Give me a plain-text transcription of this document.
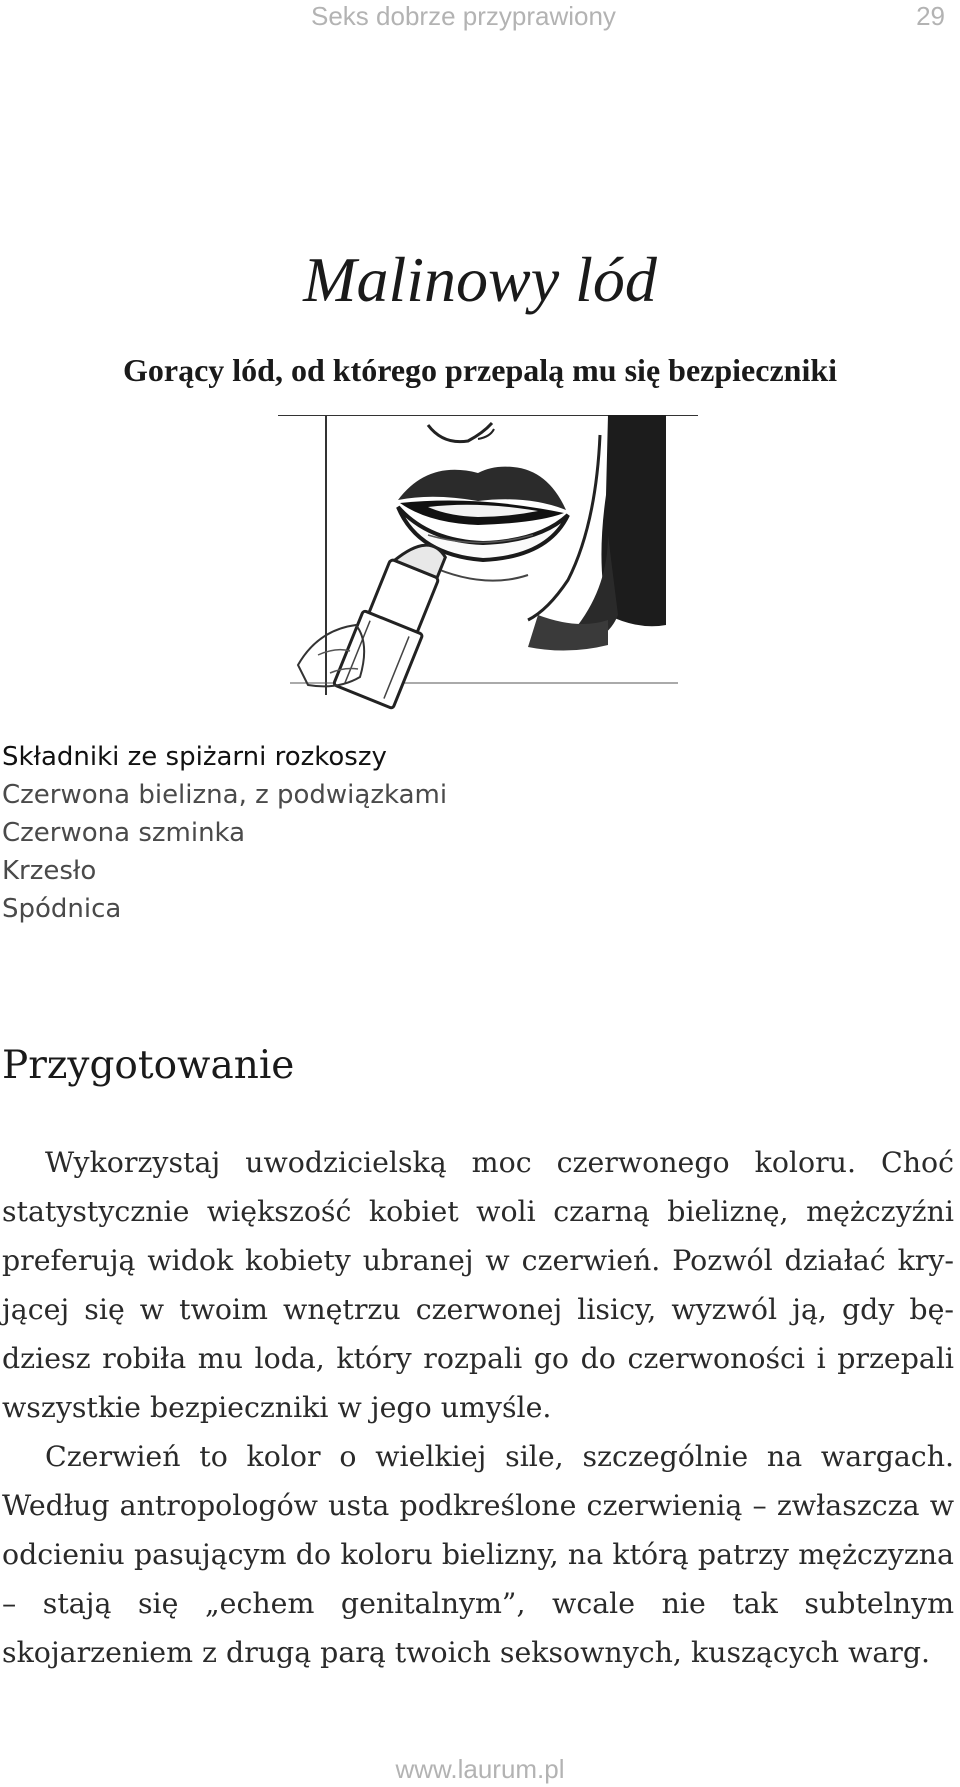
Seks dobrze przyprawiony	29
Malinowy lód
Gorący lód, od którego przepalą mu się bezpieczniki
Składniki ze spiżarni rozkoszy
Czerwona bielizna, z podwiązkami
Czerwona szminka
Krzesło
Spódnica
Przygotowanie

Wykorzystaj uwodzicielską moc czerwonego koloru. Choć statystycznie większość kobiet woli czarną bieliznę, mężczyźni preferują widok kobiety ubranej w czerwień. Pozwól działać kryjącej się w twoim wnętrzu czerwonej lisicy, wyzwól ją, gdy będziesz robiła mu loda, który rozpali go do czerwoności i przepali wszystkie bezpieczniki w jego umyśle.

Czerwień to kolor o wielkiej sile, szczególnie na wargach. Według antropologów usta podkreślone czerwienią – zwłaszcza w odcieniu pasującym do koloru bielizny, na którą patrzy mężczyzna – stają się „echem genitalnym”, wcale nie tak subtelnym skojarzeniem z drugą parą twoich seksownych, kuszących warg.

www.laurum.pl
